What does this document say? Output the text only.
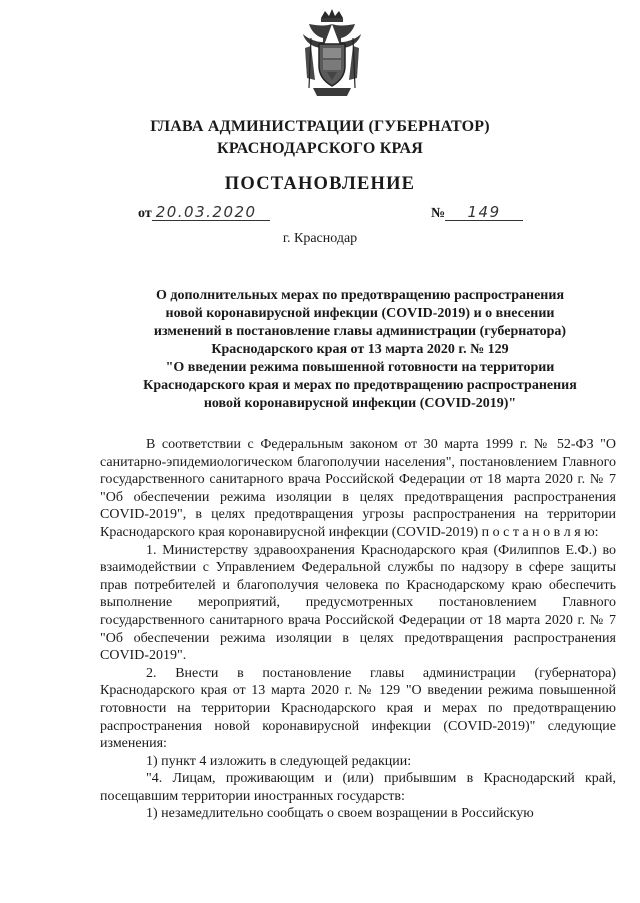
ГЛАВА АДМИНИСТРАЦИИ (ГУБЕРНАТОР)
КРАСНОДАРСКОГО КРАЯ
ПОСТАНОВЛЕНИЕ
от 20.03.2020	№ 149
г. Краснодар
О дополнительных мерах по предотвращению распространения
новой коронавирусной инфекции (COVID-2019) и о внесении
изменений в постановление главы администрации (губернатора)
Краснодарского края от 13 марта 2020 г. № 129
"О введении режима повышенной готовности на территории
Краснодарского края и мерах по предотвращению распространения
новой коронавирусной инфекции (COVID-2019)"

В соответствии с Федеральным законом от 30 марта 1999 г. № 52-ФЗ "О санитарно-эпидемиологическом благополучии населения", постановлением Главного государственного санитарного врача Российской Федерации от 18 марта 2020 г. № 7 "Об обеспечении режима изоляции в целях предотвращения распространения COVID-2019", в целях предотвращения угрозы распространения на территории Краснодарского края коронавирусной инфекции (COVID-2019) п о с т а н о в л я ю:

1. Министерству здравоохранения Краснодарского края (Филиппов Е.Ф.) во взаимодействии с Управлением Федеральной службы по надзору в сфере защиты прав потребителей и благополучия человека по Краснодарскому краю обеспечить выполнение мероприятий, предусмотренных постановлением Главного государственного санитарного врача Российской Федерации от 18 марта 2020 г. № 7 "Об обеспечении режима изоляции в целях предотвращения распространения COVID-2019".

2. Внести в постановление главы администрации (губернатора) Краснодарского края от 13 марта 2020 г. № 129 "О введении режима повышенной готовности на территории Краснодарского края и мерах по предотвращению распространения новой коронавирусной инфекции (COVID-2019)" следующие изменения:

1) пункт 4 изложить в следующей редакции:

"4. Лицам, проживающим и (или) прибывшим в Краснодарский край, посещавшим территории иностранных государств:

1) незамедлительно сообщать о своем возращении в Российскую
